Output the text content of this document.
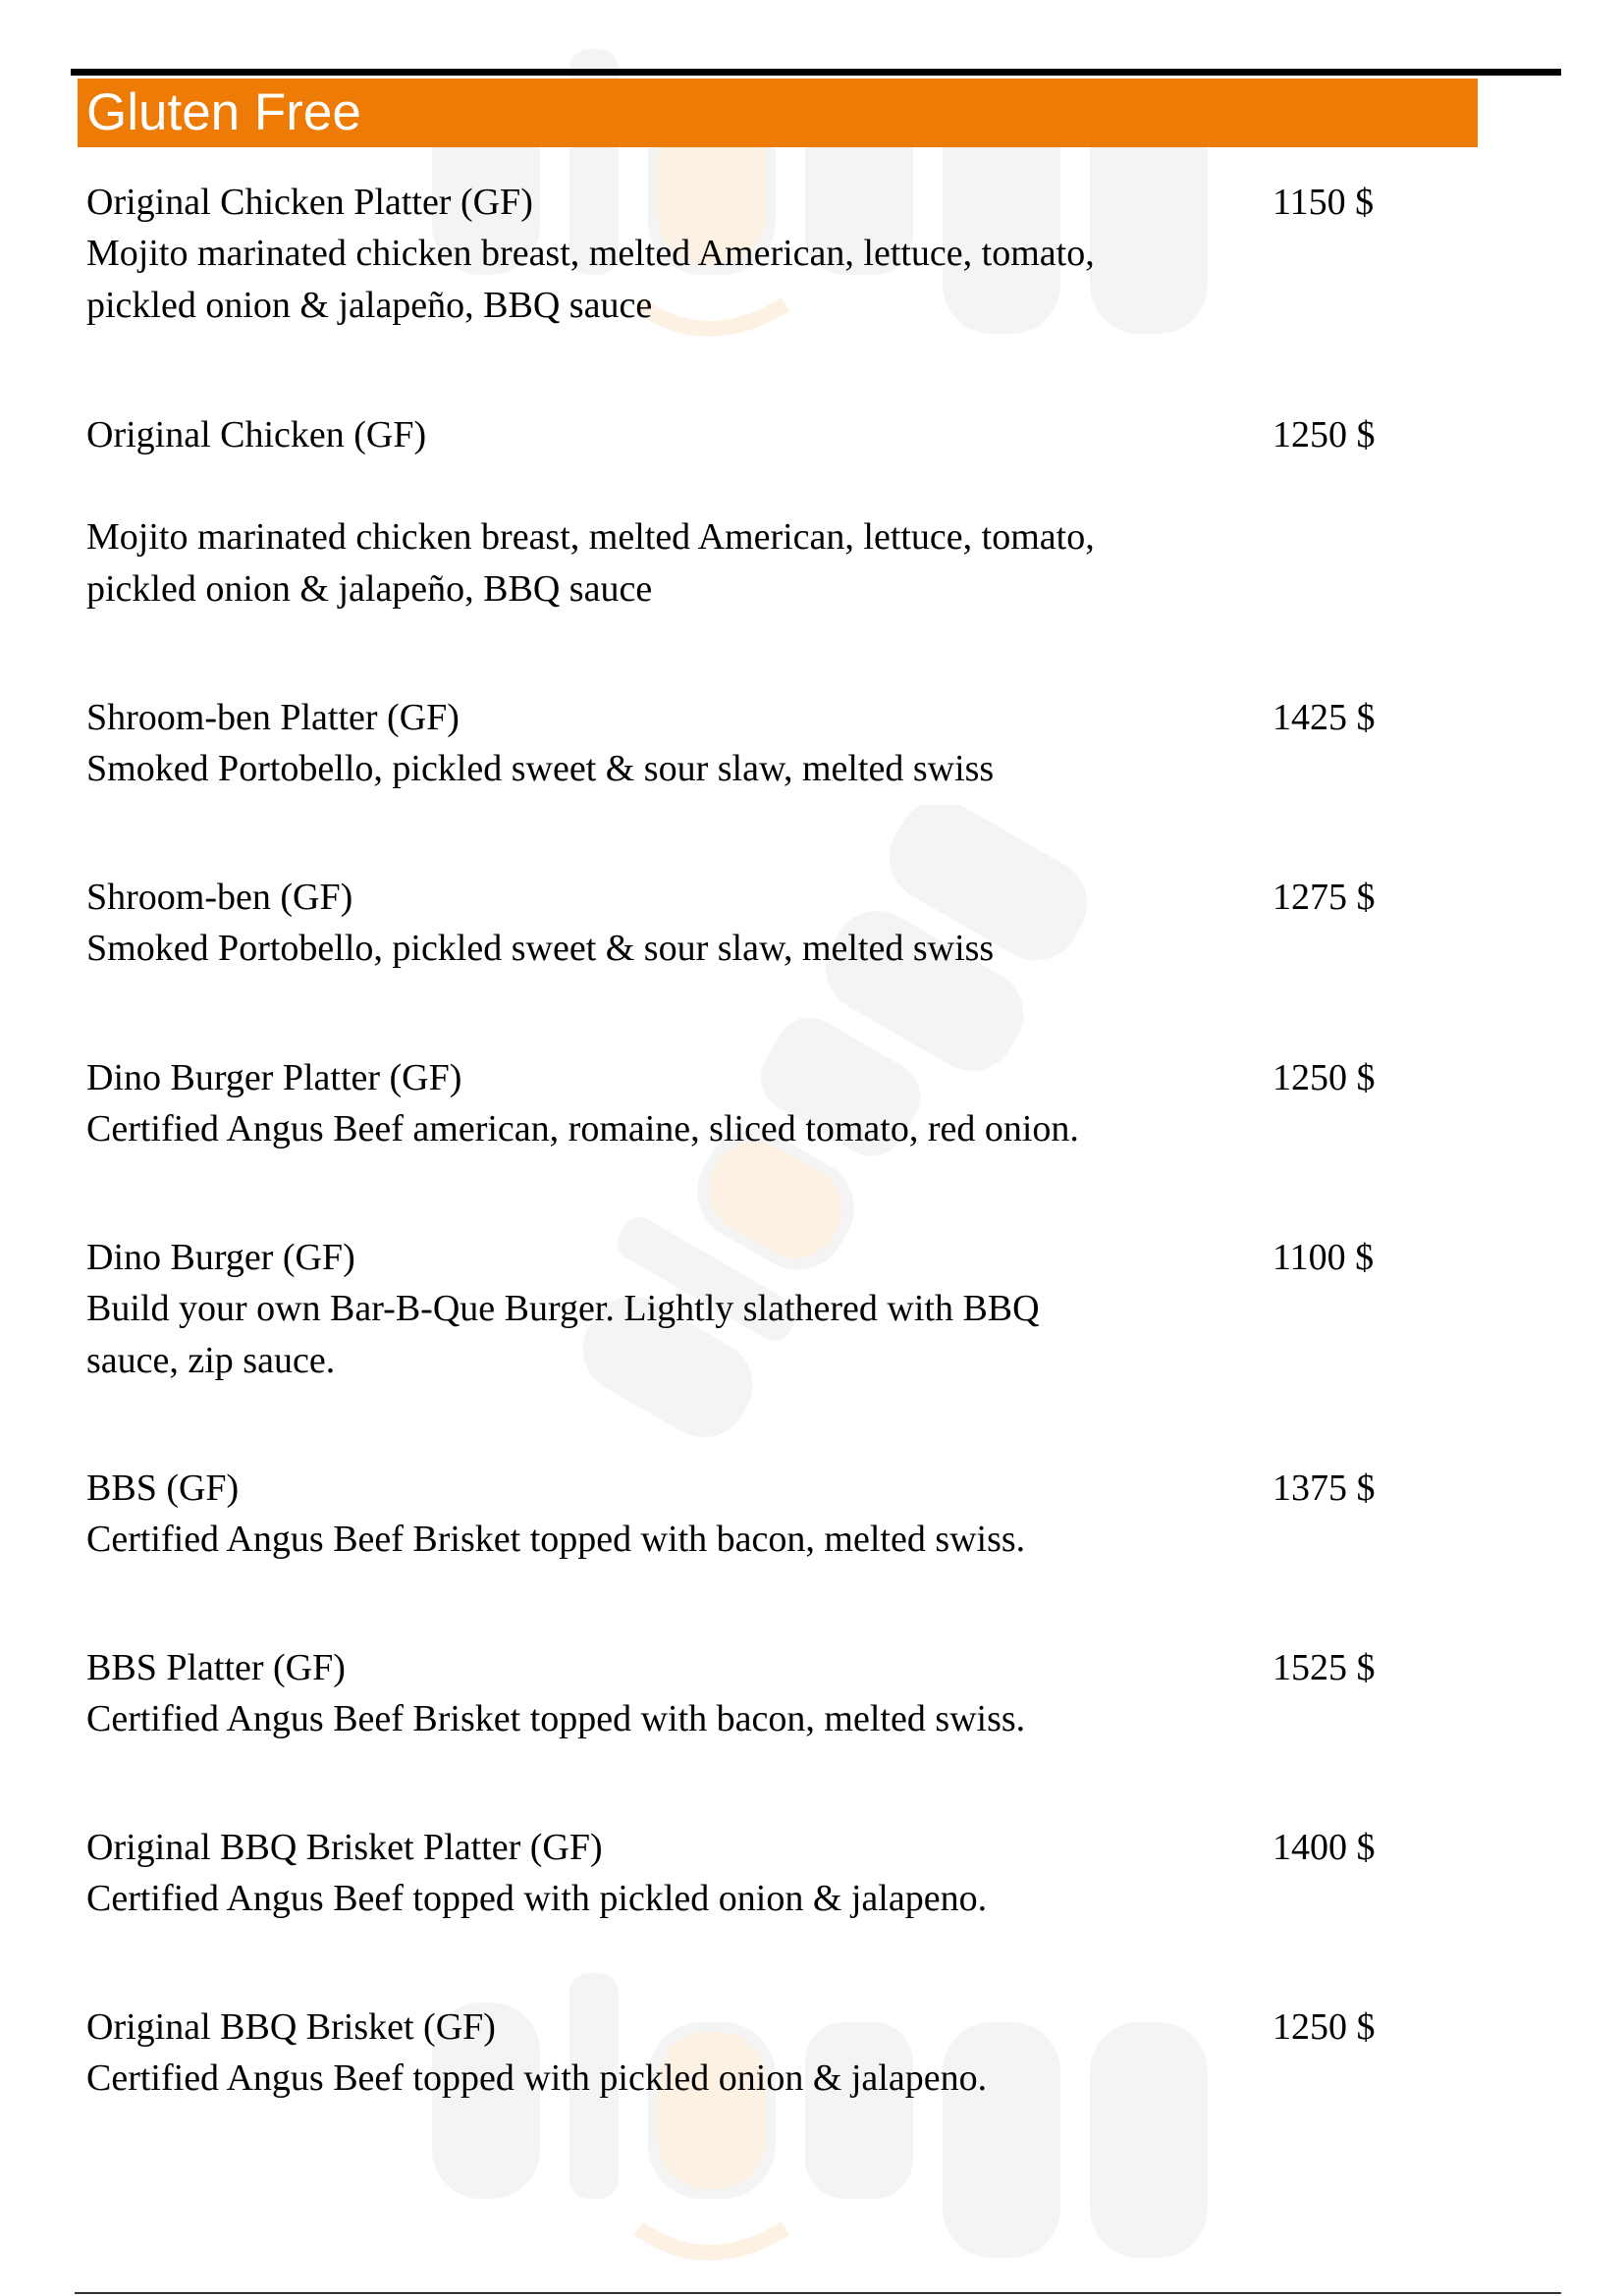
Gluten Free
Original Chicken Platter (GF)	1150 $
Mojito marinated chicken breast, melted American, lettuce, tomato,
pickled onion & jalapeño, BBQ sauce
Original Chicken (GF)	1250 $
Mojito marinated chicken breast, melted American, lettuce, tomato,
pickled onion & jalapeño, BBQ sauce
Shroom-ben Platter (GF)	1425 $
Smoked Portobello, pickled sweet & sour slaw, melted swiss
Shroom-ben (GF)	1275 $
Smoked Portobello, pickled sweet & sour slaw, melted swiss
Dino Burger Platter (GF)	1250 $
Certified Angus Beef american, romaine, sliced tomato, red onion.
Dino Burger (GF)	1100 $
Build your own Bar-B-Que Burger. Lightly slathered with BBQ
sauce, zip sauce.
BBS (GF)	1375 $
Certified Angus Beef Brisket topped with bacon, melted swiss.
BBS Platter (GF)	1525 $
Certified Angus Beef Brisket topped with bacon, melted swiss.
Original BBQ Brisket Platter (GF)	1400 $
Certified Angus Beef topped with pickled onion & jalapeno.
Original BBQ Brisket (GF)	1250 $
Certified Angus Beef topped with pickled onion & jalapeno.
